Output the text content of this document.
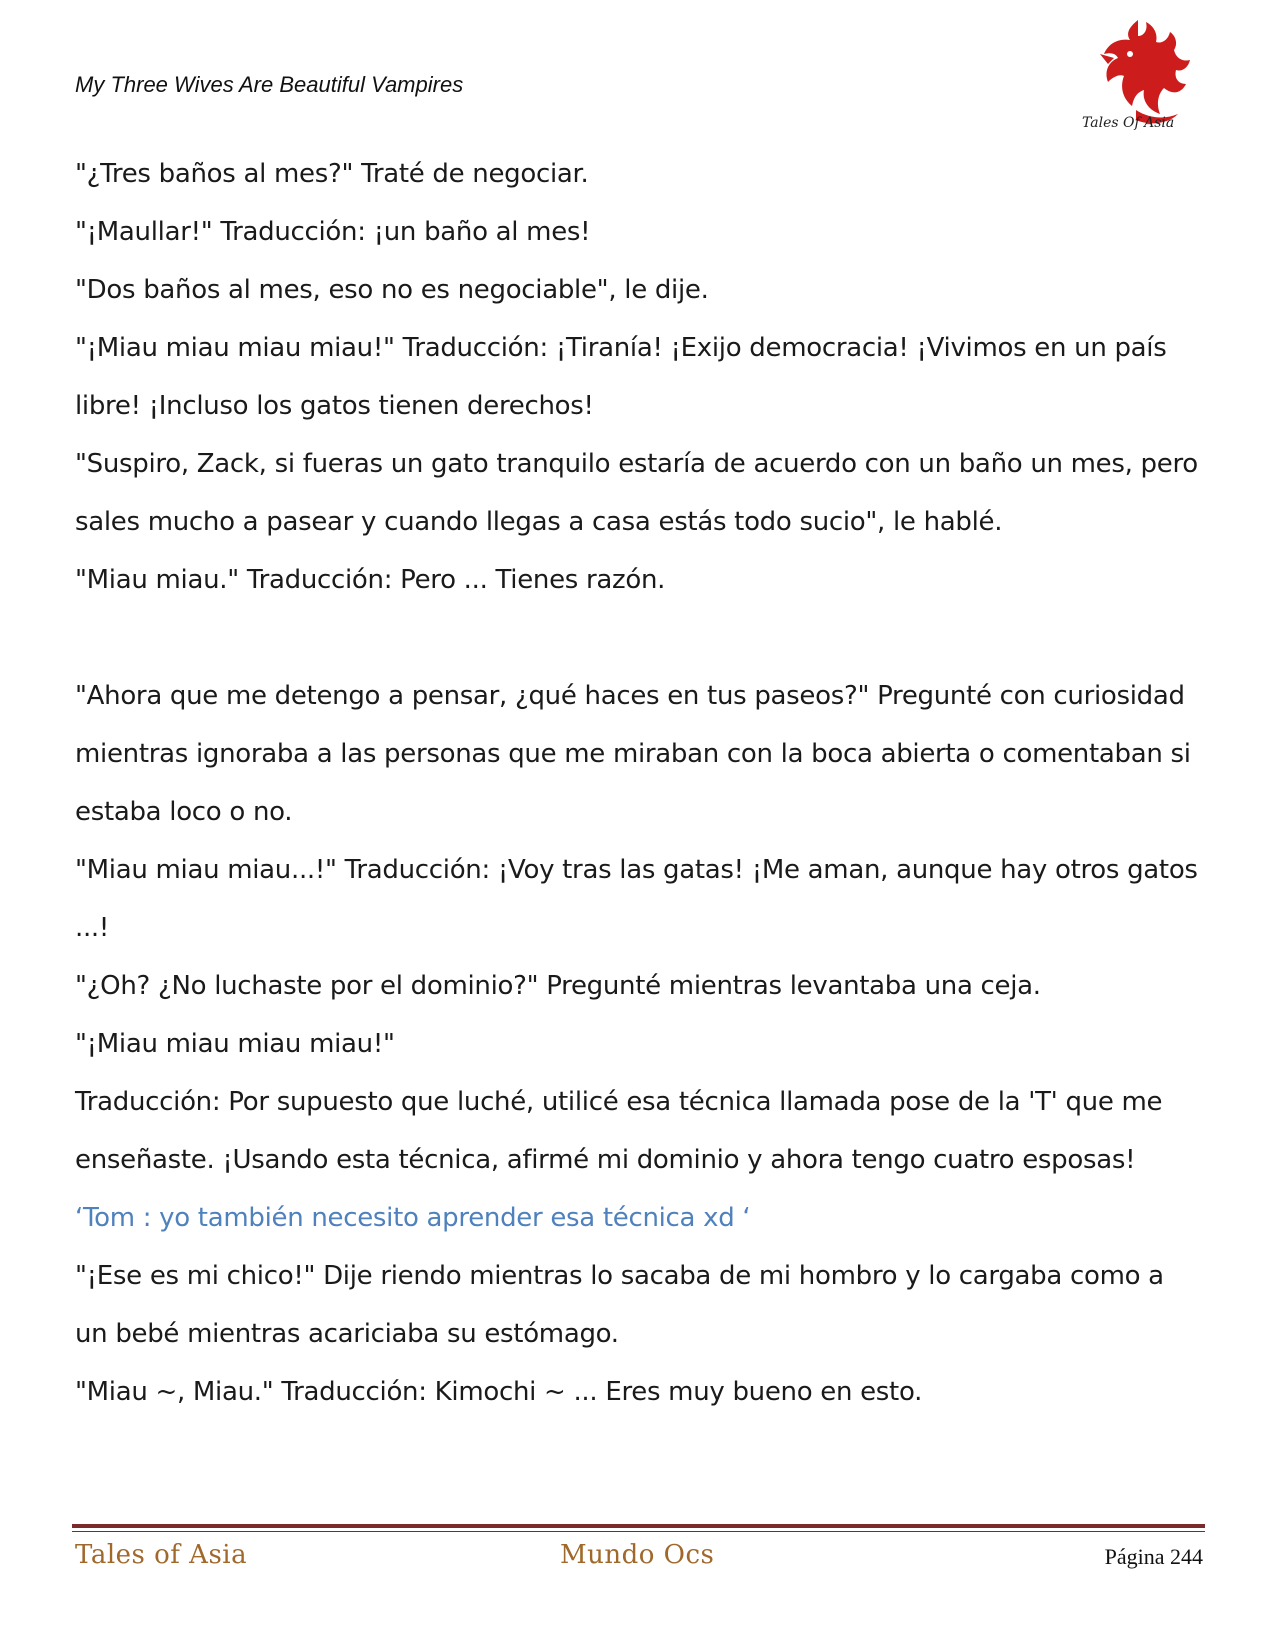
My Three Wives Are Beautiful Vampires
Tales Of Asia

"¿Tres baños al mes?" Traté de negociar.

"¡Maullar!" Traducción: ¡un baño al mes!

"Dos baños al mes, eso no es negociable", le dije.

"¡Miau miau miau miau!" Traducción: ¡Tiranía! ¡Exijo democracia! ¡Vivimos en un país

libre! ¡Incluso los gatos tienen derechos!

"Suspiro, Zack, si fueras un gato tranquilo estaría de acuerdo con un baño un mes, pero

sales mucho a pasear y cuando llegas a casa estás todo sucio", le hablé.

"Miau miau." Traducción: Pero ... Tienes razón.

"Ahora que me detengo a pensar, ¿qué haces en tus paseos?" Pregunté con curiosidad

mientras ignoraba a las personas que me miraban con la boca abierta o comentaban si

estaba loco o no.

"Miau miau miau...!" Traducción: ¡Voy tras las gatas! ¡Me aman, aunque hay otros gatos

...!

"¿Oh? ¿No luchaste por el dominio?" Pregunté mientras levantaba una ceja.

"¡Miau miau miau miau!"

Traducción: Por supuesto que luché, utilicé esa técnica llamada pose de la 'T' que me

enseñaste. ¡Usando esta técnica, afirmé mi dominio y ahora tengo cuatro esposas!

‘Tom : yo también necesito aprender esa técnica xd ‘

"¡Ese es mi chico!" Dije riendo mientras lo sacaba de mi hombro y lo cargaba como a

un bebé mientras acariciaba su estómago.

"Miau ~, Miau." Traducción: Kimochi ~ ... Eres muy bueno en esto.

Tales of Asia	Mundo Ocs	Página 244
